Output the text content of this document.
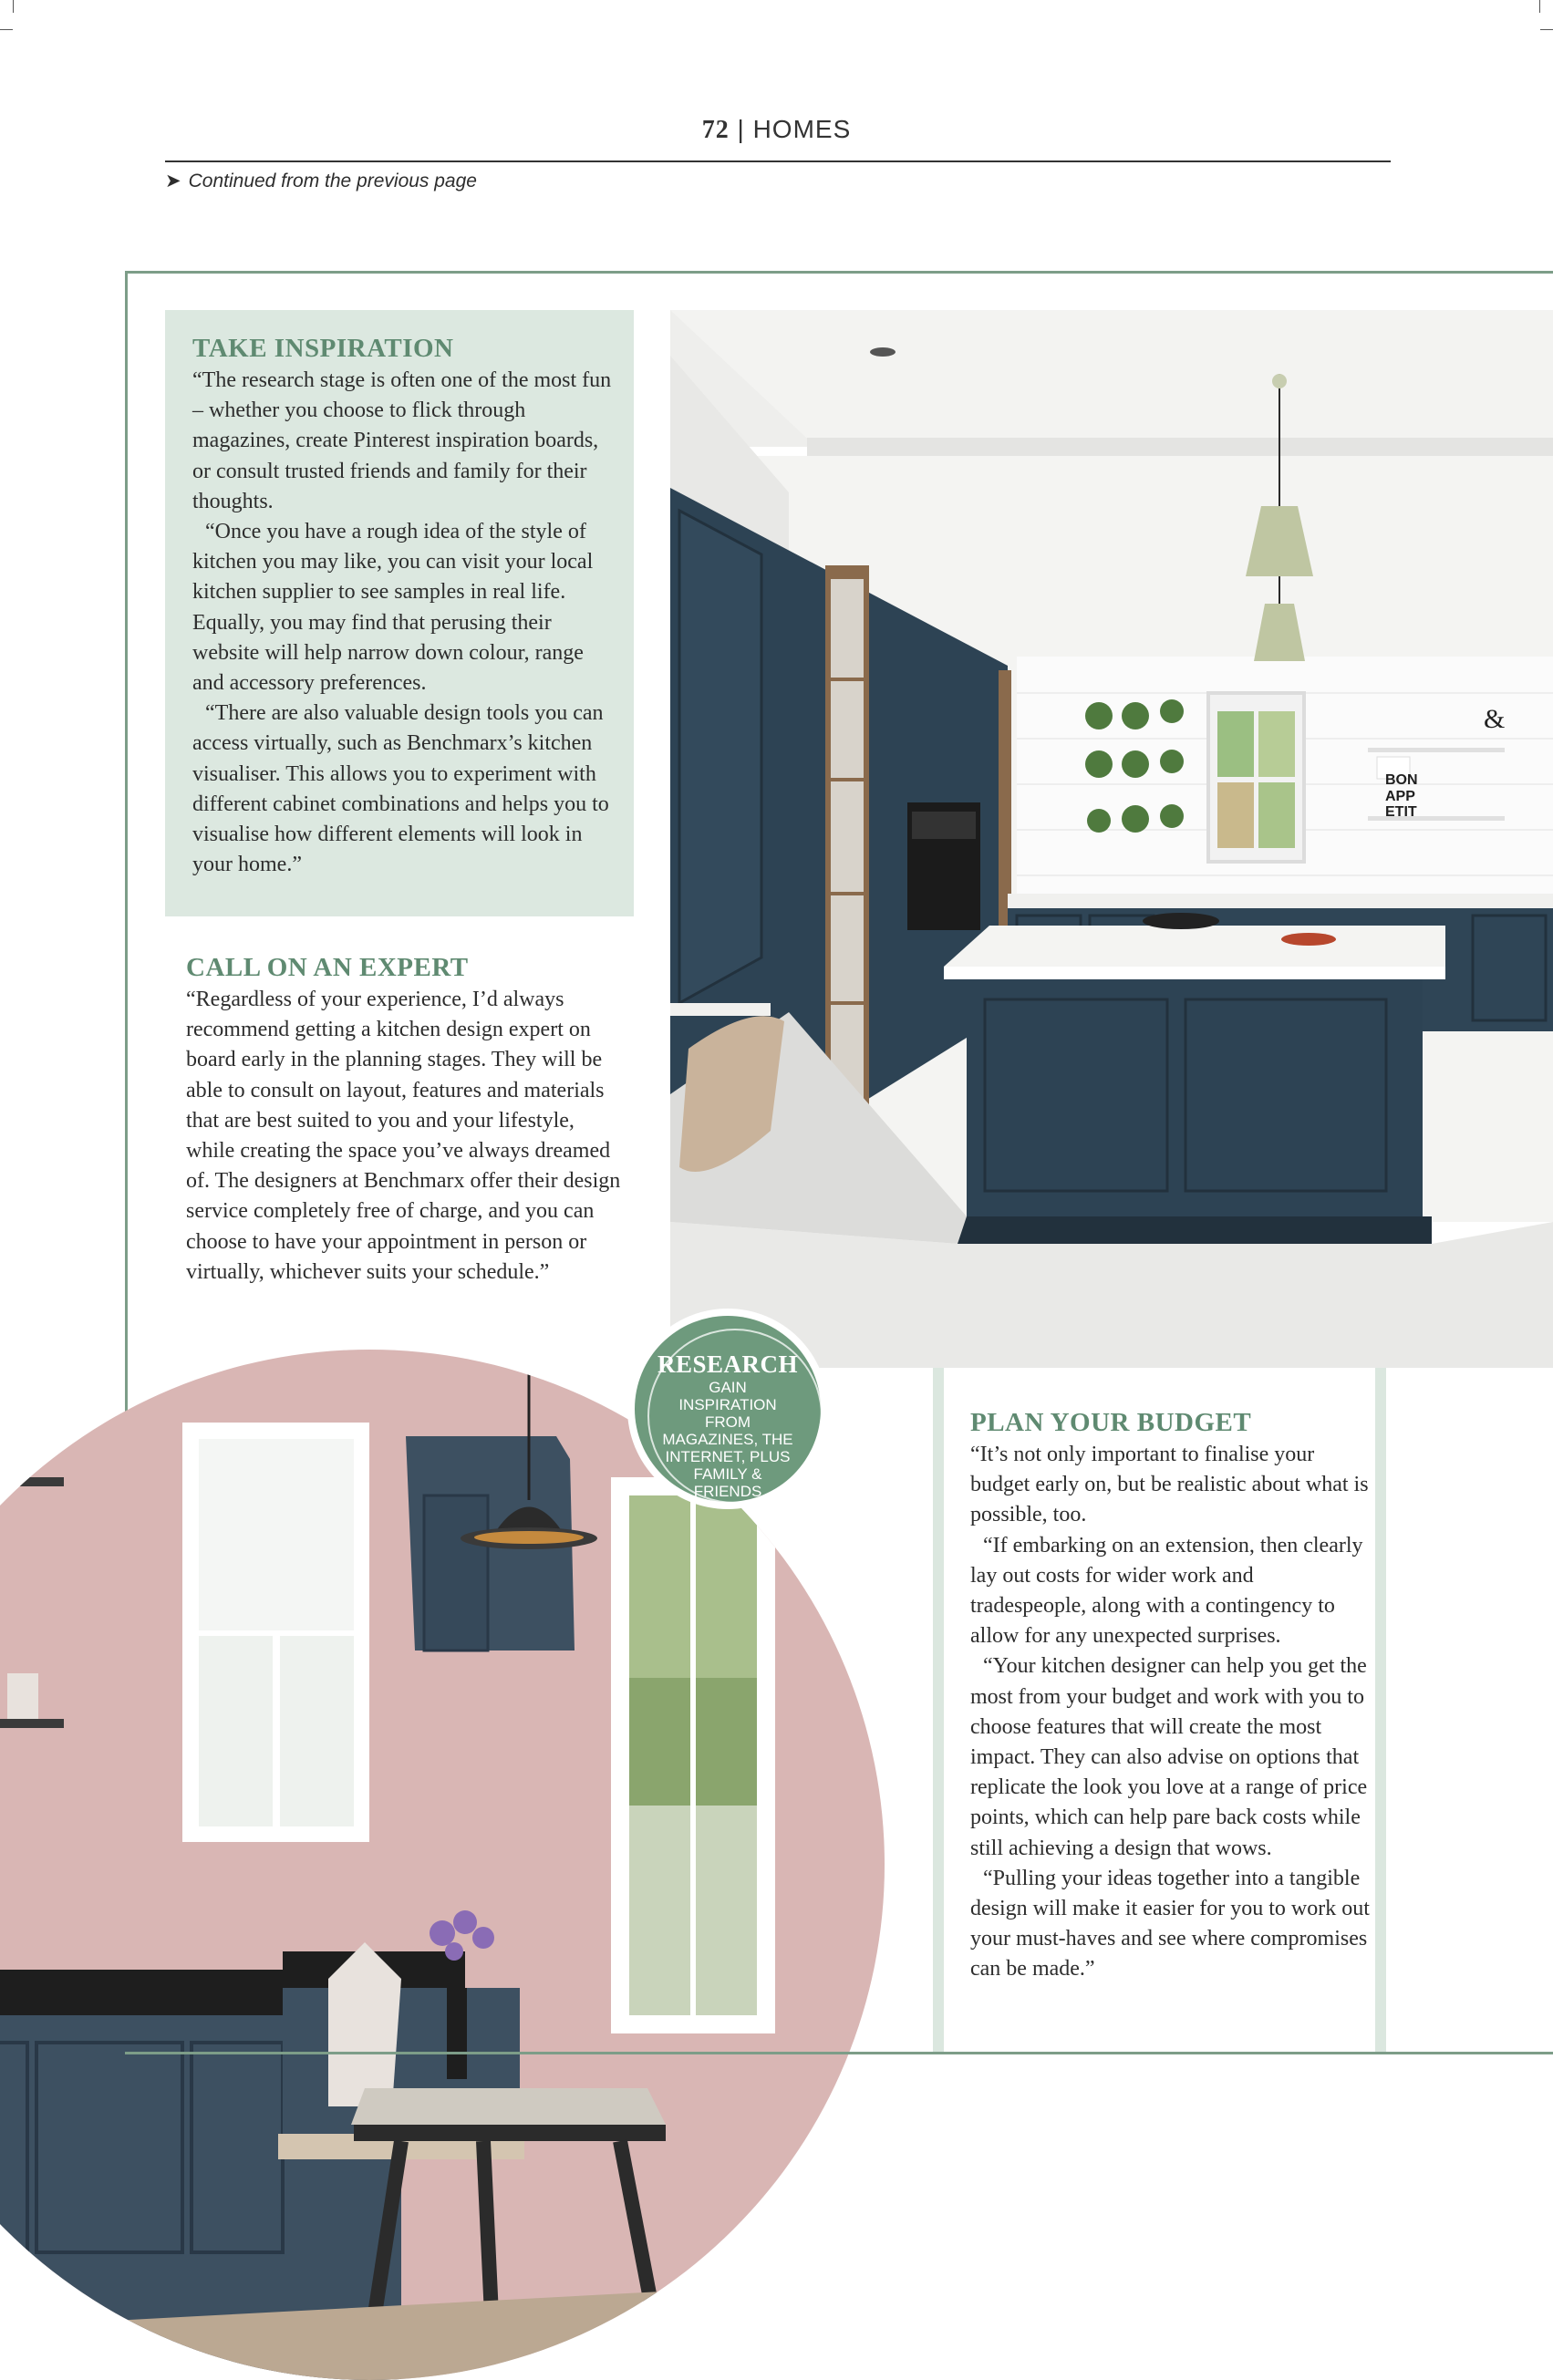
72 | HOMES
➤ Continued from the previous page
TAKE INSPIRATION

“The research stage is often one of the most fun – whether you choose to flick through magazines, create Pinterest inspiration boards, or consult trusted friends and family for their thoughts.

“Once you have a rough idea of the style of kitchen you may like, you can visit your local kitchen supplier to see samples in real life. Equally, you may find that perusing their website will help narrow down colour, range and accessory preferences.

“There are also valuable design tools you can access virtually, such as Benchmarx’s kitchen visualiser. This allows you to experiment with different cabinet combinations and helps you to visualise how different elements will look in your home.”

BON
APP
ETIT
&
CALL ON AN EXPERT

“Regardless of your experience, I’d always recommend getting a kitchen design expert on board early in the planning stages. They will be able to consult on layout, features and materials that are best suited to you and your lifestyle, while creating the space you’ve always dreamed of. The designers at Benchmarx offer their design service completely free of charge, and you can choose to have your appointment in person or virtually, whichever suits your schedule.”

PLAN YOUR BUDGET

“It’s not only important to finalise your budget early on, but be realistic about what is possible, too.

“If embarking on an extension, then clearly lay out costs for wider work and tradespeople, along with a contingency to allow for any unexpected surprises.

“Your kitchen designer can help you get the most from your budget and work with you to choose features that will create the most impact. They can also advise on options that replicate the look you love at a range of price points, which can help pare back costs while still achieving a design that wows.

“Pulling your ideas together into a tangible design will make it easier for you to work out your must-haves and see where compromises can be made.”

RESEARCH
GAIN INSPIRATION FROM MAGAZINES, THE INTERNET, PLUS FAMILY & FRIENDS
